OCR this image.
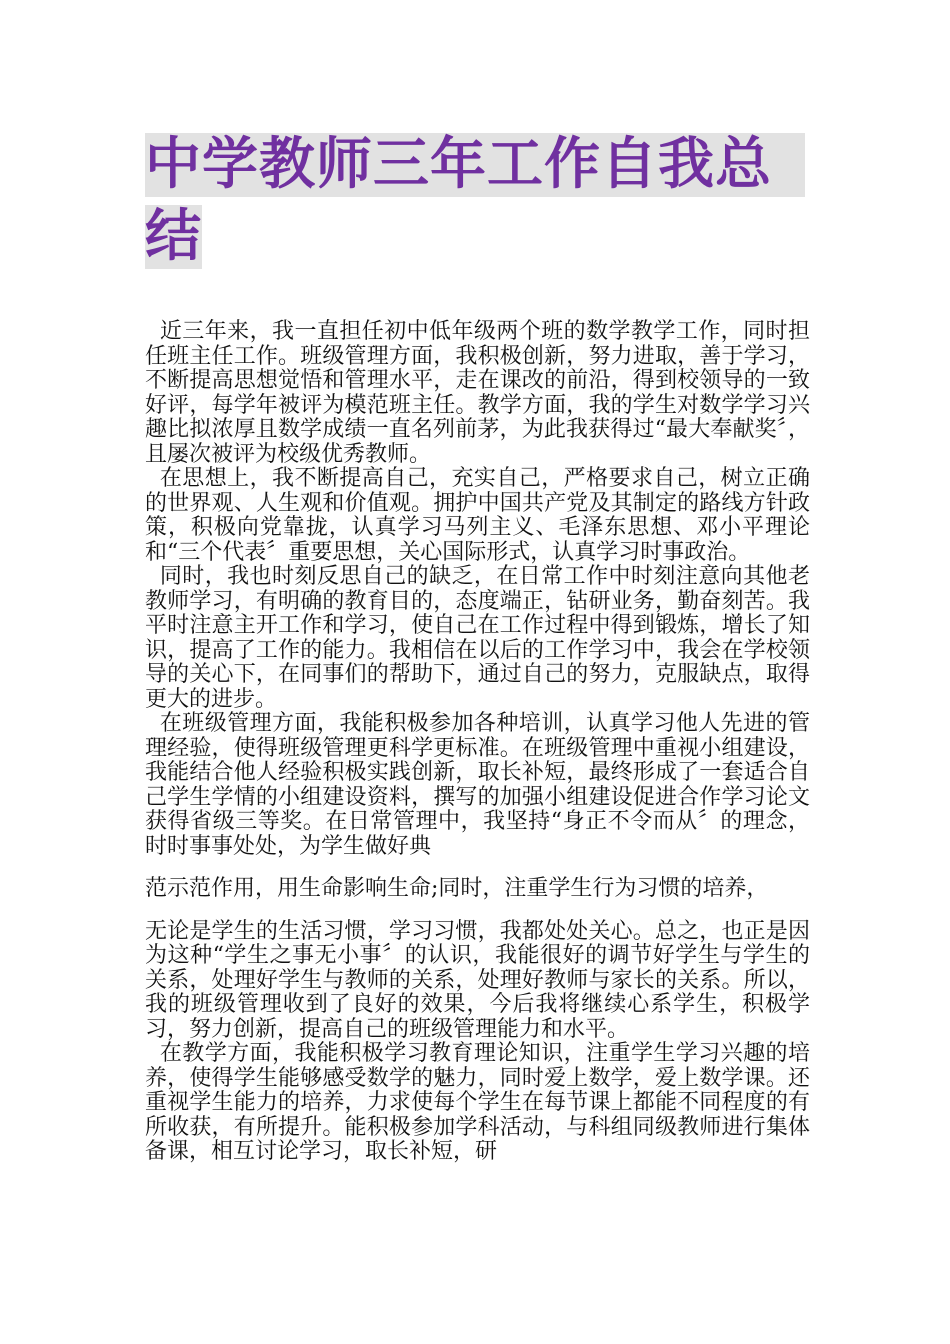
中学教师三年工作自我总
结

近三年来，我一直担任初中低年级两个班的数学教学工作，同时担任班主任工作。班级管理方面，我积极创新，努力进取，善于学习，不断提高思想觉悟和管理水平，走在课改的前沿，得到校领导的一致好评，每学年被评为模范班主任。教学方面，我的学生对数学学习兴趣比拟浓厚且数学成绩一直名列前茅，为此我获得过“最大奉献奖〞，且屡次被评为校级优秀教师。

在思想上，我不断提高自己，充实自己，严格要求自己，树立正确的世界观、人生观和价值观。拥护中国共产党及其制定的路线方针政策，积极向党靠拢，认真学习马列主义、毛泽东思想、邓小平理论和“三个代表〞重要思想，关心国际形式，认真学习时事政治。

同时，我也时刻反思自己的缺乏，在日常工作中时刻注意向其他老教师学习，有明确的教育目的，态度端正，钻研业务，勤奋刻苦。我平时注意主开工作和学习，使自己在工作过程中得到锻炼，增长了知识，提高了工作的能力。我相信在以后的工作学习中，我会在学校领导的关心下，在同事们的帮助下，通过自己的努力，克服缺点，取得更大的进步。

在班级管理方面，我能积极参加各种培训，认真学习他人先进的管理经验，使得班级管理更科学更标准。在班级管理中重视小组建设，我能结合他人经验积极实践创新，取长补短，最终形成了一套适合自己学生学情的小组建设资料，撰写的加强小组建设促进合作学习论文获得省级三等奖。在日常管理中，我坚持“身正不令而从〞的理念，时时事事处处，为学生做好典

范示范作用，用生命影响生命;同时，注重学生行为习惯的培养，

无论是学生的生活习惯，学习习惯，我都处处关心。总之，也正是因为这种“学生之事无小事〞的认识，我能很好的调节好学生与学生的关系，处理好学生与教师的关系，处理好教师与家长的关系。所以，我的班级管理收到了良好的效果，今后我将继续心系学生，积极学习，努力创新，提高自己的班级管理能力和水平。

在教学方面，我能积极学习教育理论知识，注重学生学习兴趣的培养，使得学生能够感受数学的魅力，同时爱上数学，爱上数学课。还重视学生能力的培养，力求使每个学生在每节课上都能不同程度的有所收获，有所提升。能积极参加学科活动，与科组同级教师进行集体备课，相互讨论学习，取长补短，研
